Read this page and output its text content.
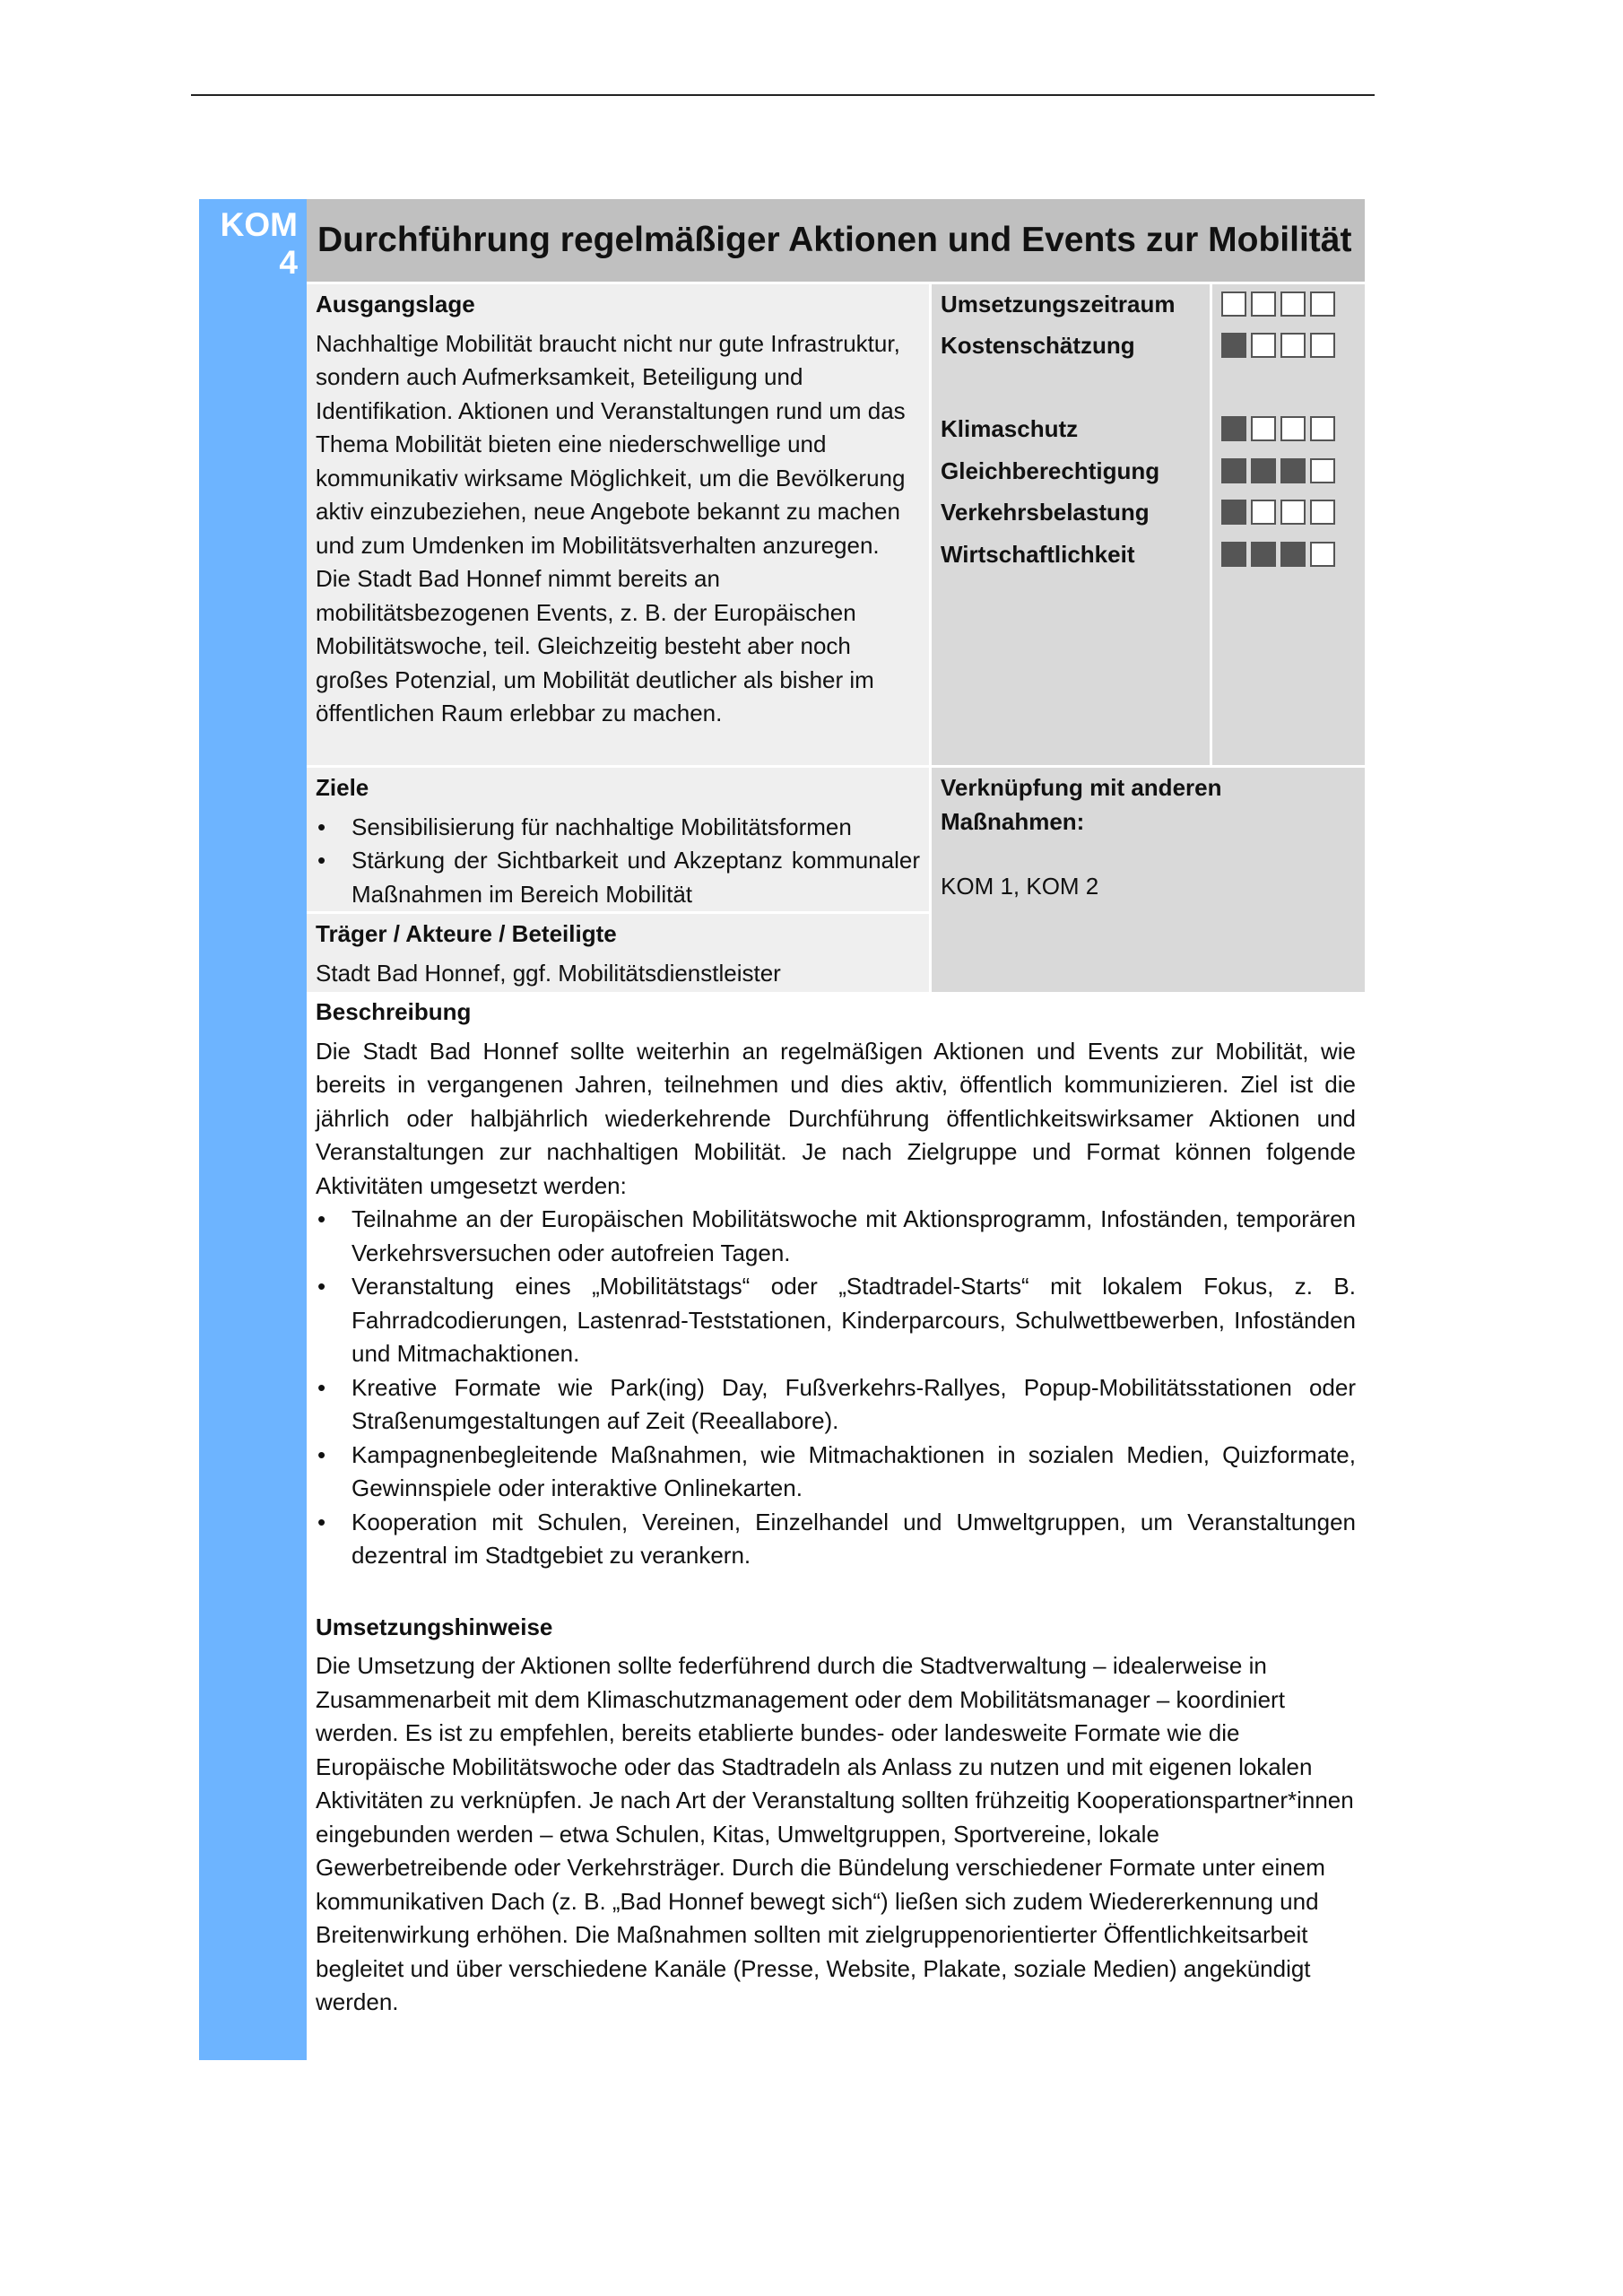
KOM 4
Durchführung regelmäßiger Aktionen und Events zur Mobilität
Ausgangslage
Nachhaltige Mobilität braucht nicht nur gute Infrastruktur, sondern auch Aufmerksamkeit, Beteiligung und Identifikation. Aktionen und Veranstaltungen rund um das Thema Mobilität bieten eine niederschwellige und kommunikativ wirksame Möglichkeit, um die Bevölkerung aktiv einzubeziehen, neue Angebote bekannt zu machen und zum Umdenken im Mobilitätsverhalten anzuregen. Die Stadt Bad Honnef nimmt bereits an mobilitätsbezogenen Events, z. B. der Europäischen Mobilitätswoche, teil. Gleichzeitig besteht aber noch großes Potenzial, um Mobilität deutlicher als bisher im öffentlichen Raum erlebbar zu machen.
Umsetzungszeitraum
Kostenschätzung
Klimaschutz
Gleichberechtigung
Verkehrsbelastung
Wirtschaftlichkeit
Ziele
• Sensibilisierung für nachhaltige Mobilitätsformen
• Stärkung der Sichtbarkeit und Akzeptanz kommunaler Maßnahmen im Bereich Mobilität
Verknüpfung mit anderen Maßnahmen:
KOM 1, KOM 2
Träger / Akteure / Beteiligte
Stadt Bad Honnef, ggf. Mobilitätsdienstleister
Beschreibung
Die Stadt Bad Honnef sollte weiterhin an regelmäßigen Aktionen und Events zur Mobilität, wie bereits in vergangenen Jahren, teilnehmen und dies aktiv, öffentlich kommunizieren. Ziel ist die jährlich oder halbjährlich wiederkehrende Durchführung öffentlichkeitswirksamer Aktionen und Veranstaltungen zur nachhaltigen Mobilität. Je nach Zielgruppe und Format können folgende Aktivitäten umgesetzt werden:
• Teilnahme an der Europäischen Mobilitätswoche mit Aktionsprogramm, Infoständen, temporären Verkehrsversuchen oder autofreien Tagen.
• Veranstaltung eines „Mobilitätstags“ oder „Stadtradel-Starts“ mit lokalem Fokus, z. B. Fahrradcodierungen, Lastenrad-Teststationen, Kinderparcours, Schulwettbewerben, Infoständen und Mitmachaktionen.
• Kreative Formate wie Park(ing) Day, Fußverkehrs-Rallyes, Popup-Mobilitätsstationen oder Straßenumgestaltungen auf Zeit (Reeallabore).
• Kampagnenbegleitende Maßnahmen, wie Mitmachaktionen in sozialen Medien, Quizformate, Gewinnspiele oder interaktive Onlinekarten.
• Kooperation mit Schulen, Vereinen, Einzelhandel und Umweltgruppen, um Veranstaltungen dezentral im Stadtgebiet zu verankern.
Umsetzungshinweise
Die Umsetzung der Aktionen sollte federführend durch die Stadtverwaltung – idealerweise in Zusammenarbeit mit dem Klimaschutzmanagement oder dem Mobilitätsmanager – koordiniert werden. Es ist zu empfehlen, bereits etablierte bundes- oder landesweite Formate wie die Europäische Mobilitätswoche oder das Stadtradeln als Anlass zu nutzen und mit eigenen lokalen Aktivitäten zu verknüpfen. Je nach Art der Veranstaltung sollten frühzeitig Kooperationspartner*innen eingebunden werden – etwa Schulen, Kitas, Umweltgruppen, Sportvereine, lokale Gewerbetreibende oder Verkehrsträger. Durch die Bündelung verschiedener Formate unter einem kommunikativen Dach (z. B. „Bad Honnef bewegt sich“) ließen sich zudem Wiedererkennung und Breitenwirkung erhöhen. Die Maßnahmen sollten mit zielgruppenorientierter Öffentlichkeitsarbeit begleitet und über verschiedene Kanäle (Presse, Website, Plakate, soziale Medien) angekündigt werden.
